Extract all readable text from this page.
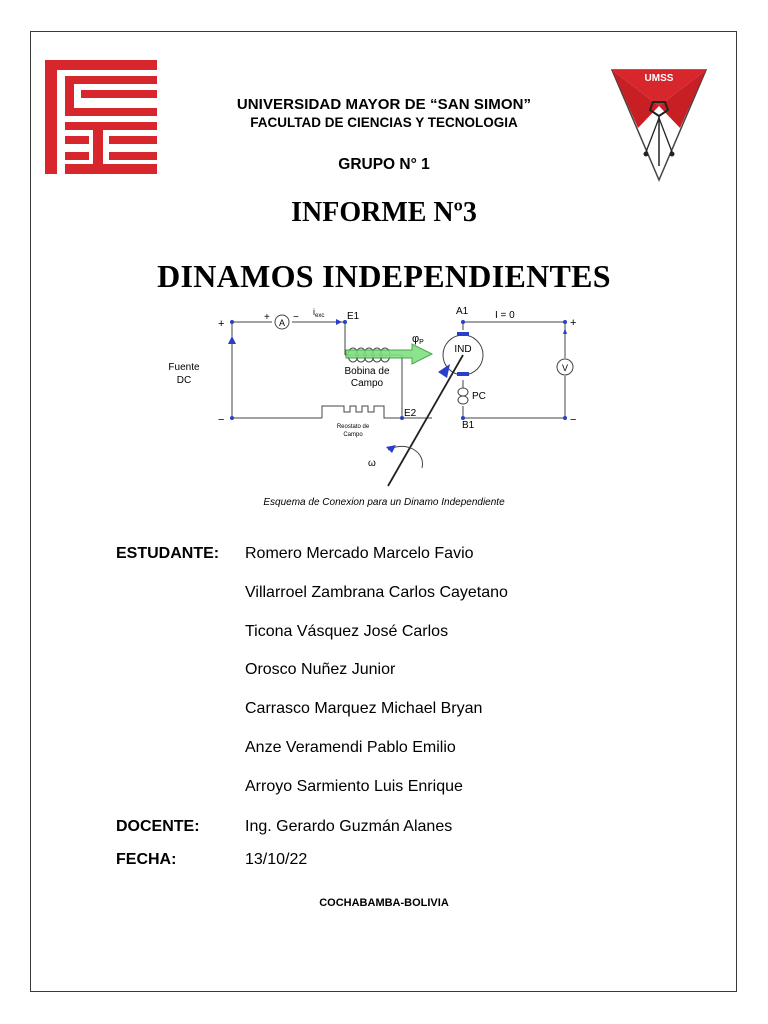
UMSS
UNIVERSIDAD MAYOR DE “SAN SIMON”
FACULTAD DE CIENCIAS Y TECNOLOGIA
GRUPO N° 1
INFORME Nº3
DINAMOS INDEPENDIENTES
Fuente
DC
+
−
+ −
A
V
$i_{exc}$ E1
E2
A1
B1
I = 0
+
−
φP
Bobina de
Campo
Reostato de
Campo
IND
PC
ω
Esquema de Conexion para un Dinamo Independiente
ESTUDANTE: Romero Mercado Marcelo Favio
Villarroel Zambrana Carlos Cayetano
Ticona Vásquez José Carlos
Orosco Nuñez Junior
Carrasco Marquez Michael Bryan
Anze Veramendi Pablo Emilio
Arroyo Sarmiento Luis Enrique
DOCENTE:	Ing. Gerardo Guzmán Alanes
FECHA:	13/10/22
COCHABAMBA-BOLIVIA
